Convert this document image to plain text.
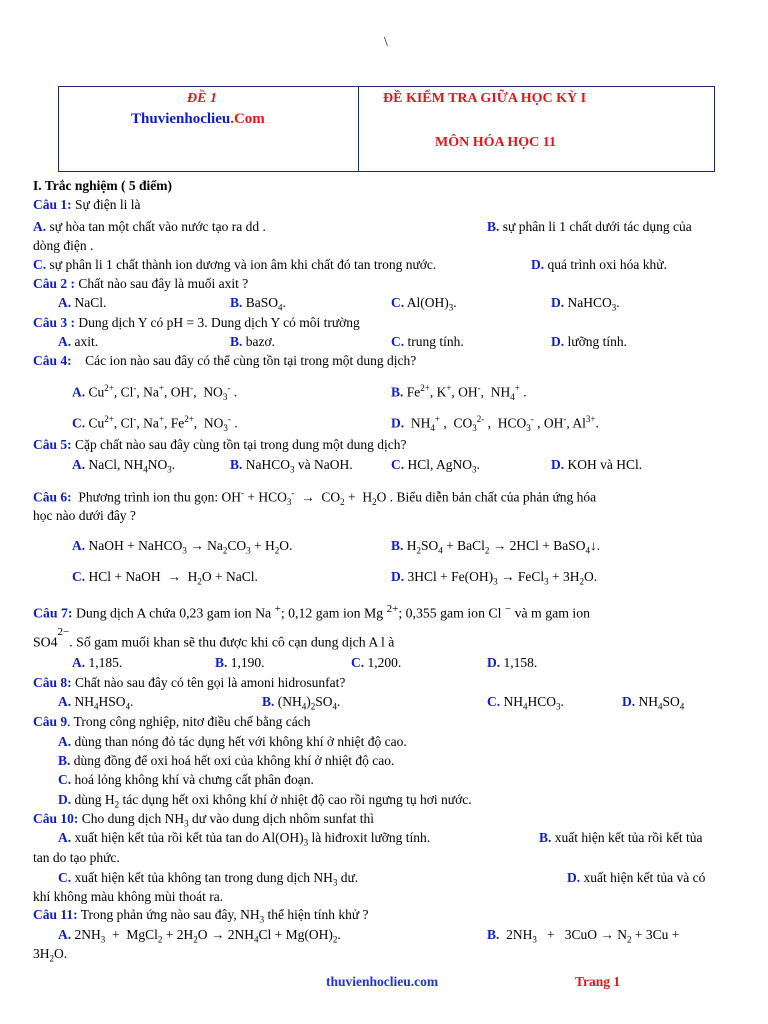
\
ĐỀ 1
Thuvienhoclieu.Com
ĐỀ KIỂM TRA GIỮA HỌC KỲ I
MÔN HÓA HỌC 11
I. Trắc nghiệm ( 5 điểm)
Câu 1: Sự điện li là
A. sự hòa tan một chất vào nước tạo ra dd .	B. sự phân li 1 chất dưới tác dụng của
dòng điện .
C. sự phân li 1 chất thành ion dương và ion âm khi chất đó tan trong nước.	D. quá trình oxi hóa khử.
Câu 2 : Chất nào sau đây là muối axit ?
A. NaCl.	B. BaSO$_4$.	C. $Al(OH)_3$.	D. NaHCO$_3$.
Câu 3 : Dung dịch Y có pH = 3. Dung dịch Y có môi trường
A. axit.	B. bazơ.	C. trung tính.	D. lưỡng tính.
Câu 4: Các ion nào sau đây có thể cùng tồn tại trong một dung dịch?
A. $Cu^{2+}$, Cl-, Na+, OH-,  $NO_3^-$ .	B. $Fe^{2+}$, K+, OH-,  $NH_4^+$ .
C. $Cu^{2+}$, Cl-, Na+, $Fe^{2+}$,  $NO_3^-$ .	D.  $NH_4^+$ ,  $CO_3^{2-}$ ,  $HCO_3^-$ , OH-, $Al^{3+}$.
Câu 5: Cặp chất nào sau đây cùng tồn tại trong dung một dung dịch?
A. NaCl, $NH_4NO_3$.	B. NaHCO$_3$ và NaOH.	C. HCl, AgNO$_3$.	D. KOH và HCl.
Câu 6: Phương trình ion thu gọn: $OH^- + HCO_3^- \to CO_2 + H_2O$ . Biểu diễn bản chất của phản ứng hóa
học nào dưới đây ?
A. NaOH + NaHCO$_3$ → $Na_2CO_3 + H_2O$.	B. $H_2SO_4$ + BaCl$_2$ → 2HCl + BaSO$_4$↓.
C. HCl + NaOH  →  $H_2O$ + NaCl.	D. $3HCl + Fe(OH)_3$ → FeCl$_3$ + $3H_2O$.
Câu 7: Dung dịch A chứa 0,23 gam ion Na +; 0,12 gam ion Mg $^{2+}$; 0,355 gam ion Cl − và m gam ion
$SO4^{2-}$. Số gam muối khan sẽ thu được khi cô cạn dung dịch A l à
A. 1,185.	B. 1,190.	C. 1,200.	D. 1,158.
Câu 8: Chất nào sau đây có tên gọi là amoni hidrosunfat?
A. $NH_4HSO_4$.	B. $(NH_4)_2SO_4$.	C. $NH_4HCO_3$.	D. $NH_4SO_4$
Câu 9. Trong công nghiệp, nitơ điều chế bằng cách
A. dùng than nóng đỏ tác dụng hết với không khí ở nhiệt độ cao.
B. dùng đồng để oxi hoá hết oxi của không khí ở nhiệt độ cao.
C. hoá lỏng không khí và chưng cất phân đoạn.
D. dùng $H_2$ tác dụng hết oxi không khí ở nhiệt độ cao rồi ngưng tụ hơi nước.
Câu 10: Cho dung dịch $NH_3$ dư vào dung dịch nhôm sunfat thì
A. xuất hiện kết tủa rồi kết tủa tan do $Al(OH)_3$ là hiđroxit lưỡng tính.	B. xuất hiện kết tủa rồi kết tủa
tan do tạo phức.
C. xuất hiện kết tủa không tan trong dung dịch $NH_3$ dư.	D. xuất hiện kết tủa và có
khí không màu không mùi thoát ra.
Câu 11: Trong phản ứng nào sau đây, $NH_3$ thể hiện tính khử ?
A. $2NH_3$  +  MgCl$_2$ + $2H_2O \to 2NH_4Cl + Mg(OH)_2$.	B.  $2NH_3 + 3CuO \to N_2 + 3Cu$ +
$3H_2O$.
thuvienhoclieu.com	Trang 1
